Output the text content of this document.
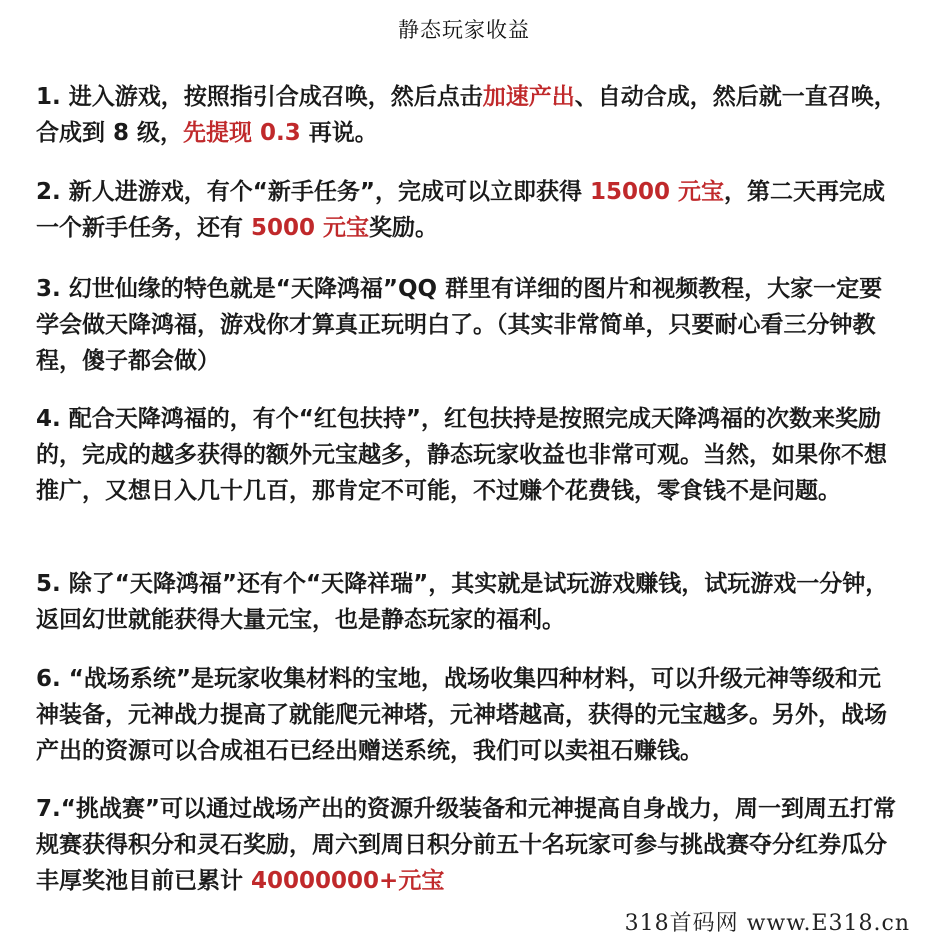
静态玩家收益

1. 进入游戏，按照指引合成召唤，然后点击加速产出、自动合成，然后就一直召唤，合成到 8 级，先提现 0.3 再说。

2. 新人进游戏，有个“新手任务”，完成可以立即获得 15000 元宝，第二天再完成一个新手任务，还有 5000 元宝奖励。

3. 幻世仙缘的特色就是“天降鸿福”QQ 群里有详细的图片和视频教程，大家一定要学会做天降鸿福，游戏你才算真正玩明白了。（其实非常简单，只要耐心看三分钟教程，傻子都会做）

4. 配合天降鸿福的，有个“红包扶持”，红包扶持是按照完成天降鸿福的次数来奖励的，完成的越多获得的额外元宝越多，静态玩家收益也非常可观。当然，如果你不想推广，又想日入几十几百，那肯定不可能，不过赚个花费钱，零食钱不是问题。

5. 除了“天降鸿福”还有个“天降祥瑞”，其实就是试玩游戏赚钱，试玩游戏一分钟，返回幻世就能获得大量元宝，也是静态玩家的福利。

6. “战场系统”是玩家收集材料的宝地，战场收集四种材料，可以升级元神等级和元神装备，元神战力提高了就能爬元神塔，元神塔越高，获得的元宝越多。另外，战场产出的资源可以合成祖石已经出赠送系统，我们可以卖祖石赚钱。

7.“挑战赛”可以通过战场产出的资源升级装备和元神提高自身战力，周一到周五打常规赛获得积分和灵石奖励，周六到周日积分前五十名玩家可参与挑战赛夺分红券瓜分丰厚奖池目前已累计 40000000+元宝

318首码网 www.E318.cn
